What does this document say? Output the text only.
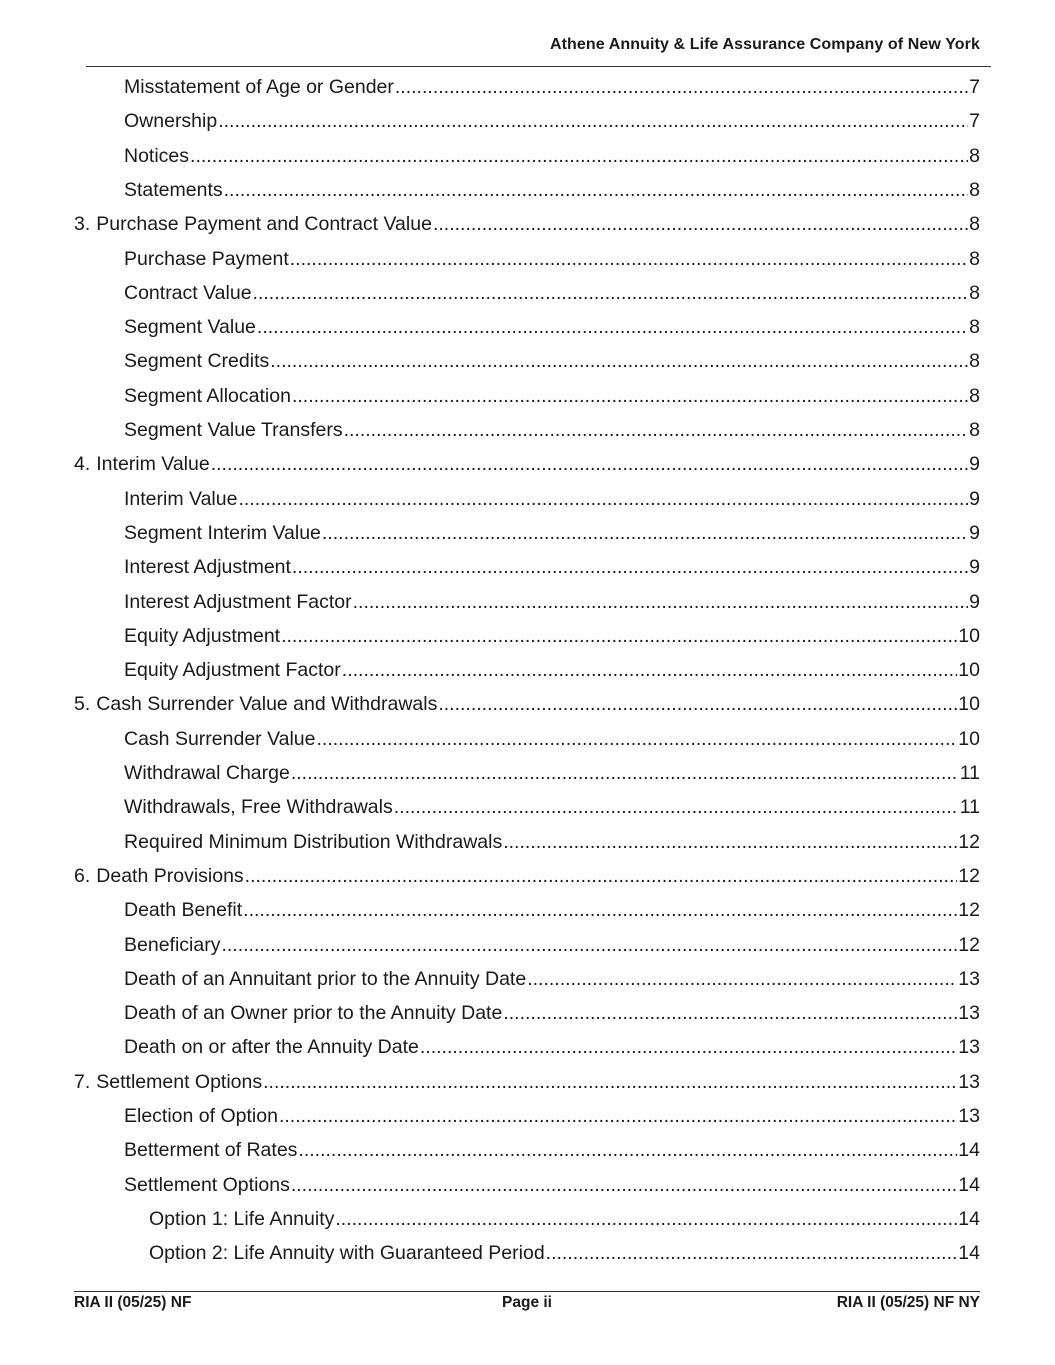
Athene Annuity & Life Assurance Company of New York
Misstatement of Age or Gender .....	7
Ownership .....	7
Notices .....	8
Statements .....	8
3. Purchase Payment and Contract Value .....	8
Purchase Payment .....	8
Contract Value .....	8
Segment Value .....	8
Segment Credits .....	8
Segment Allocation .....	8
Segment Value Transfers .....	8
4. Interim Value .....	9
Interim Value .....	9
Segment Interim Value .....	9
Interest Adjustment .....	9
Interest Adjustment Factor .....	9
Equity Adjustment .....	10
Equity Adjustment Factor .....	10
5. Cash Surrender Value and Withdrawals .....	10
Cash Surrender Value .....	10
Withdrawal Charge .....	11
Withdrawals, Free Withdrawals .....	11
Required Minimum Distribution Withdrawals .....	12
6. Death Provisions .....	12
Death Benefit .....	12
Beneficiary .....	12
Death of an Annuitant prior to the Annuity Date .....	13
Death of an Owner prior to the Annuity Date .....	13
Death on or after the Annuity Date .....	13
7. Settlement Options .....	13
Election of Option .....	13
Betterment of Rates .....	14
Settlement Options .....	14
Option 1: Life Annuity .....	14
Option 2: Life Annuity with Guaranteed Period .....	14
RIA II (05/25) NF	Page ii	RIA II (05/25) NF NY
